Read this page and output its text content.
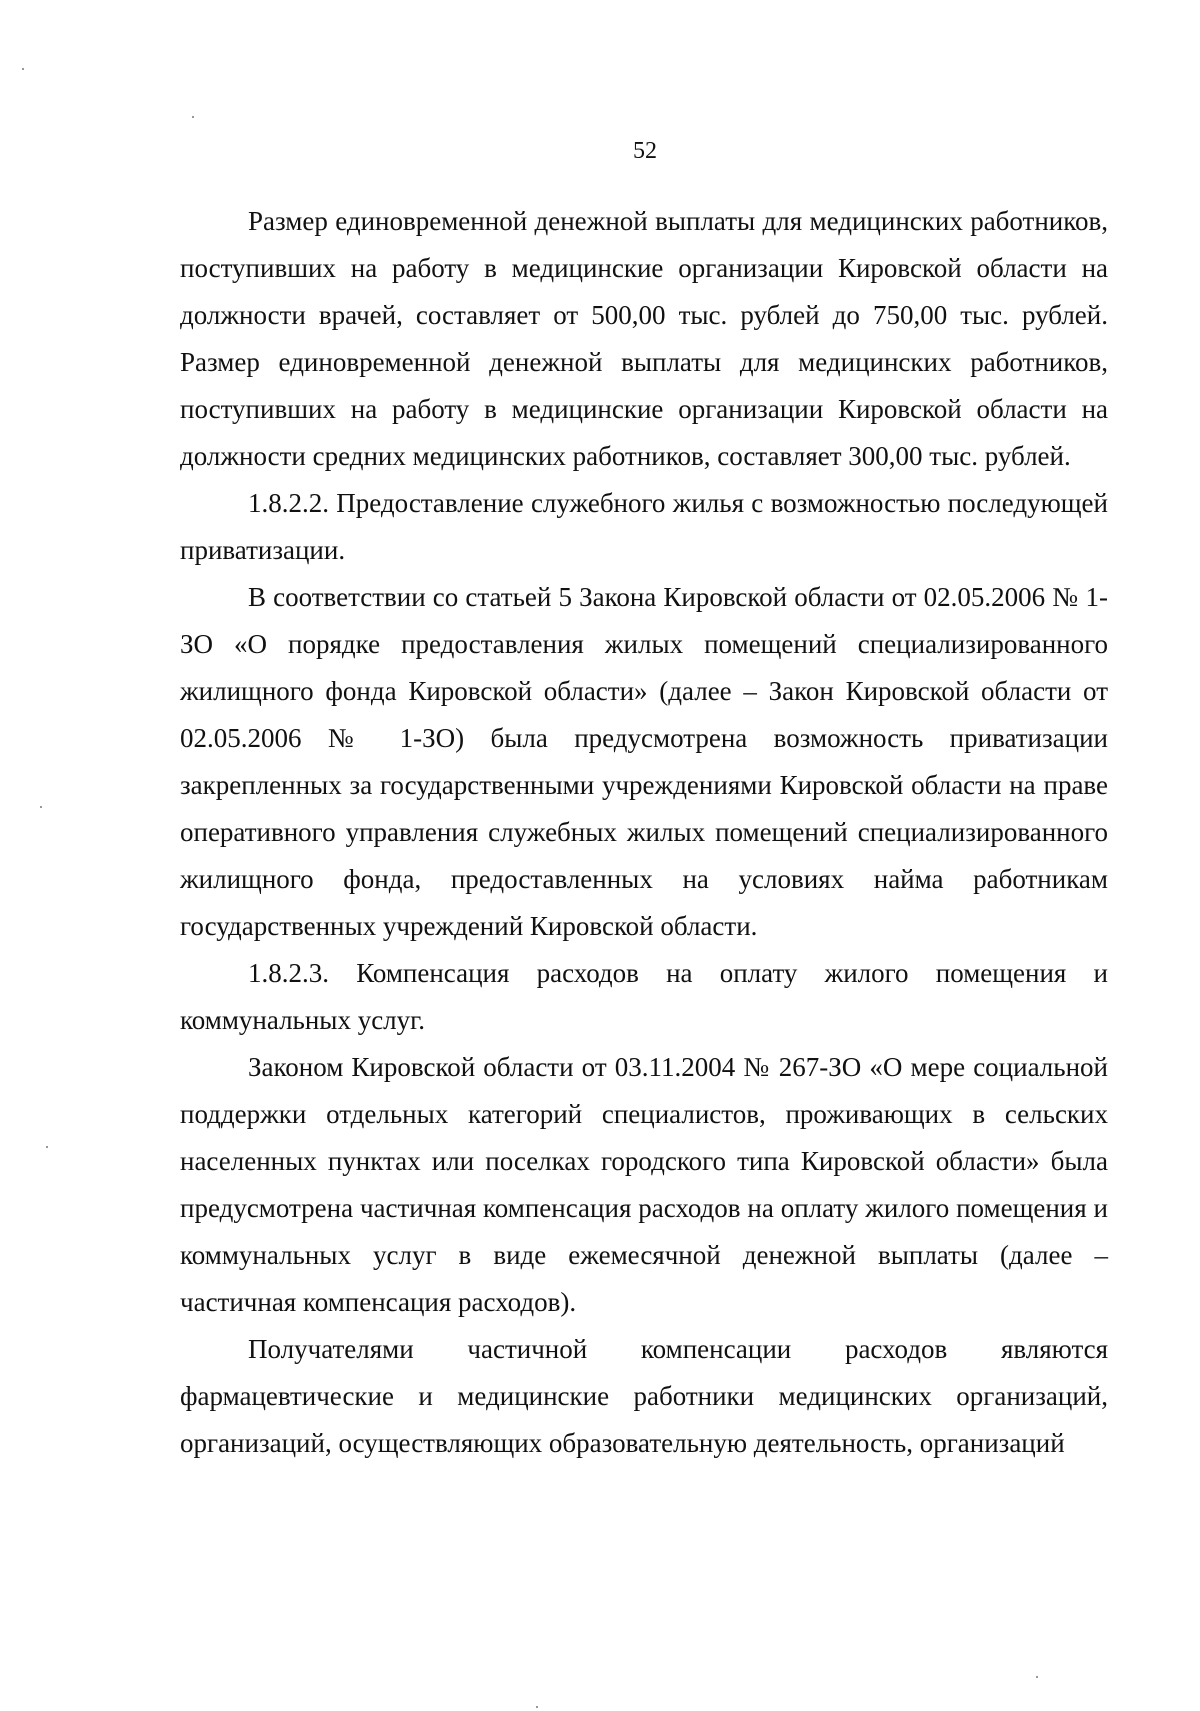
52

Размер единовременной денежной выплаты для медицинских работников, поступивших на работу в медицинские организации Кировской области на должности врачей, составляет от 500,00 тыс. рублей до 750,00 тыс. рублей. Размер единовременной денежной выплаты для медицинских работников, поступивших на работу в медицинские организации Кировской области на должности средних медицинских работников, составляет 300,00 тыс. рублей.

1.8.2.2. Предоставление служебного жилья с возможностью последующей приватизации.

В соответствии со статьей 5 Закона Кировской области от 02.05.2006 № 1-ЗО «О порядке предоставления жилых помещений специализированного жилищного фонда Кировской области» (далее – Закон Кировской области от 02.05.2006 № 1-ЗО) была предусмотрена возможность приватизации закрепленных за государственными учреждениями Кировской области на праве оперативного управления служебных жилых помещений специализированного жилищного фонда, предоставленных на условиях найма работникам государственных учреждений Кировской области.

1.8.2.3. Компенсация расходов на оплату жилого помещения и коммунальных услуг.

Законом Кировской области от 03.11.2004 № 267-ЗО «О мере социальной поддержки отдельных категорий специалистов, проживающих в сельских населенных пунктах или поселках городского типа Кировской области» была предусмотрена частичная компенсация расходов на оплату жилого помещения и коммунальных услуг в виде ежемесячной денежной выплаты (далее – частичная компенсация расходов).

Получателями частичной компенсации расходов являются фармацевтические и медицинские работники медицинских организаций, организаций, осуществляющих образовательную деятельность, организаций
